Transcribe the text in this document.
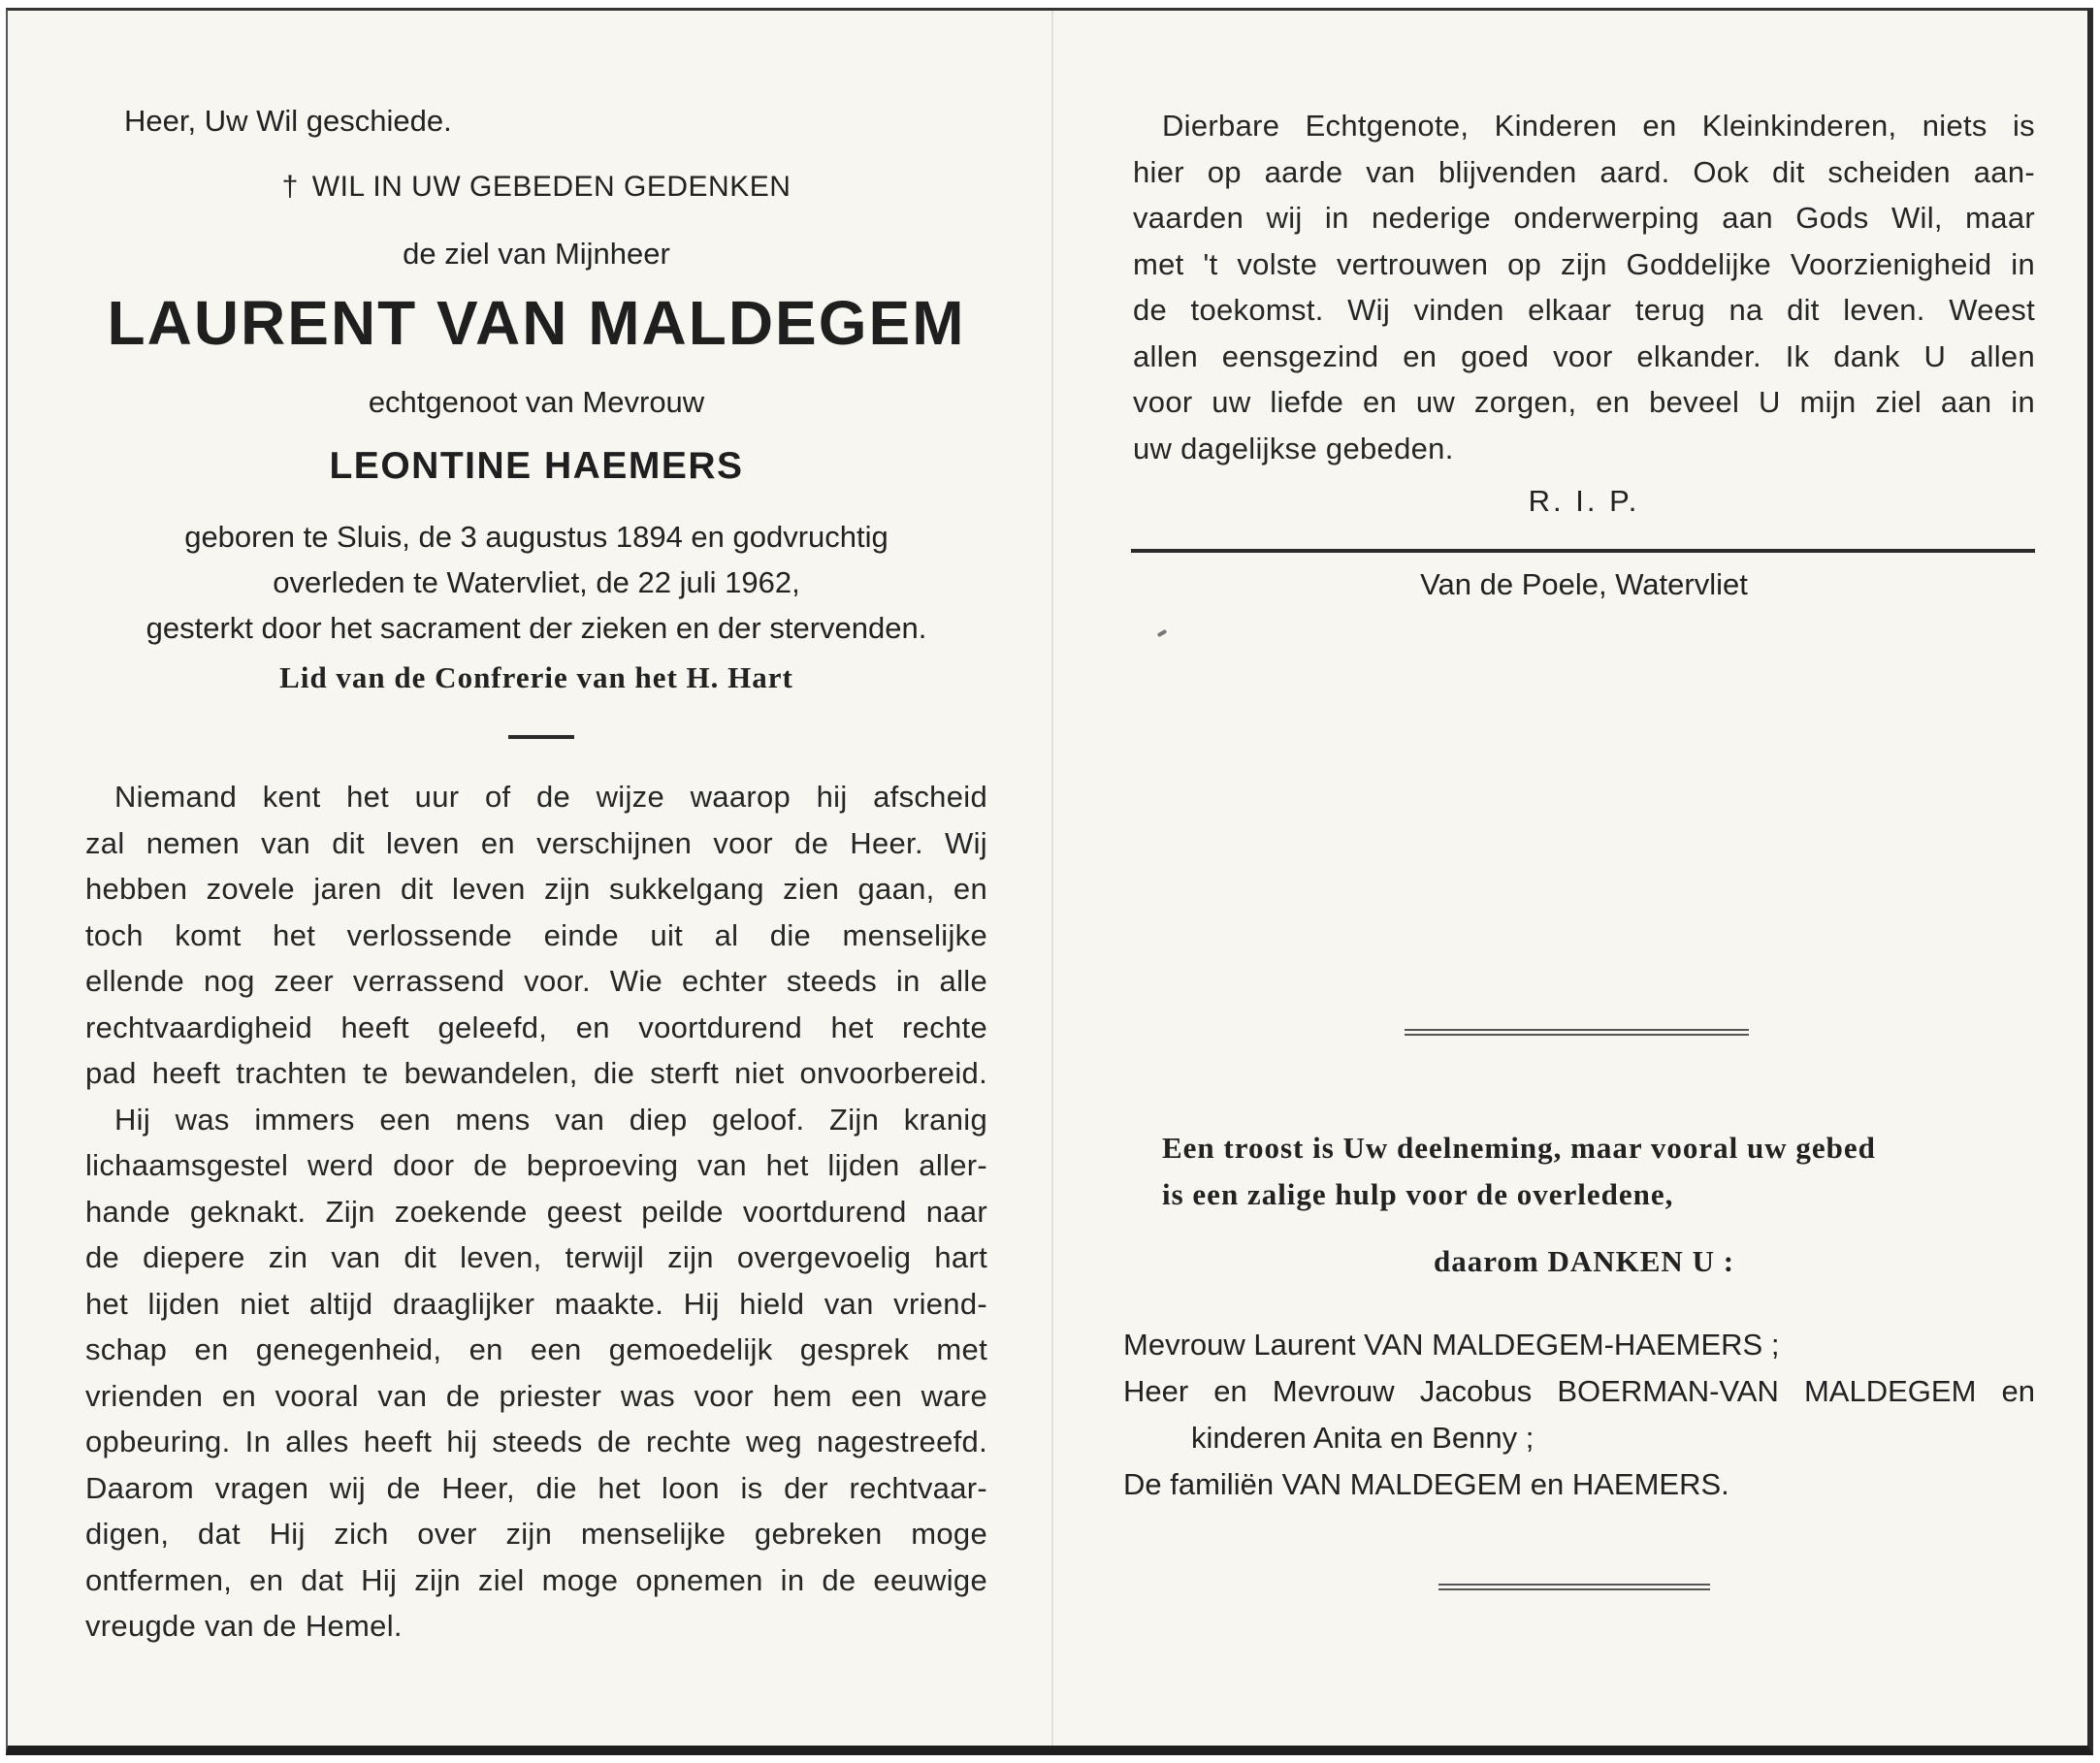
Heer, Uw Wil geschiede.
† WIL IN UW GEBEDEN GEDENKEN
de ziel van Mijnheer
LAURENT VAN MALDEGEM
echtgenoot van Mevrouw
LEONTINE HAEMERS
geboren te Sluis, de 3 augustus 1894 en godvruchtig
overleden te Watervliet, de 22 juli 1962,
gesterkt door het sacrament der zieken en der stervenden.
Lid van de Confrerie van het H. Hart
Niemand kent het uur of de wijze waarop hij afscheid
zal nemen van dit leven en verschijnen voor de Heer. Wij
hebben zovele jaren dit leven zijn sukkelgang zien gaan, en
toch komt het verlossende einde uit al die menselijke
ellende nog zeer verrassend voor. Wie echter steeds in alle
rechtvaardigheid heeft geleefd, en voortdurend het rechte
pad heeft trachten te bewandelen, die sterft niet onvoorbereid.
Hij was immers een mens van diep geloof. Zijn kranig
lichaamsgestel werd door de beproeving van het lijden aller-
hande geknakt. Zijn zoekende geest peilde voortdurend naar
de diepere zin van dit leven, terwijl zijn overgevoelig hart
het lijden niet altijd draaglijker maakte. Hij hield van vriend-
schap en genegenheid, en een gemoedelijk gesprek met
vrienden en vooral van de priester was voor hem een ware
opbeuring. In alles heeft hij steeds de rechte weg nagestreefd.
Daarom vragen wij de Heer, die het loon is der rechtvaar-
digen, dat Hij zich over zijn menselijke gebreken moge
ontfermen, en dat Hij zijn ziel moge opnemen in de eeuwige
vreugde van de Hemel.
Dierbare Echtgenote, Kinderen en Kleinkinderen, niets is
hier op aarde van blijvenden aard. Ook dit scheiden aan-
vaarden wij in nederige onderwerping aan Gods Wil, maar
met 't volste vertrouwen op zijn Goddelijke Voorzienigheid in
de toekomst. Wij vinden elkaar terug na dit leven. Weest
allen eensgezind en goed voor elkander. Ik dank U allen
voor uw liefde en uw zorgen, en beveel U mijn ziel aan in
uw dagelijkse gebeden.
R. I. P.
Van de Poele, Watervliet
Een troost is Uw deelneming, maar vooral uw gebed
is een zalige hulp voor de overledene,
daarom DANKEN U :
Mevrouw Laurent VAN MALDEGEM-HAEMERS ;
Heer en Mevrouw Jacobus BOERMAN-VAN MALDEGEM en
kinderen Anita en Benny ;
De familiën VAN MALDEGEM en HAEMERS.
